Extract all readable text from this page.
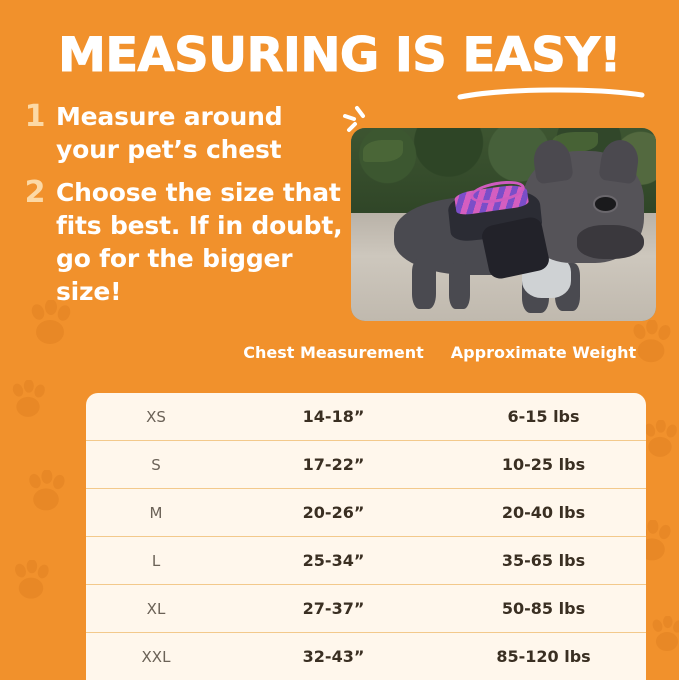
MEASURING IS EASY!
1 Measure around your pet’s chest
2 Choose the size that fits best. If in doubt, go for the bigger size!
Chest Measurement	Approximate Weight
XS	14-18”	6-15 lbs
S	17-22”	10-25 lbs
M	20-26”	20-40 lbs
L	25-34”	35-65 lbs
XL	27-37”	50-85 lbs
XXL	32-43”	85-120 lbs
